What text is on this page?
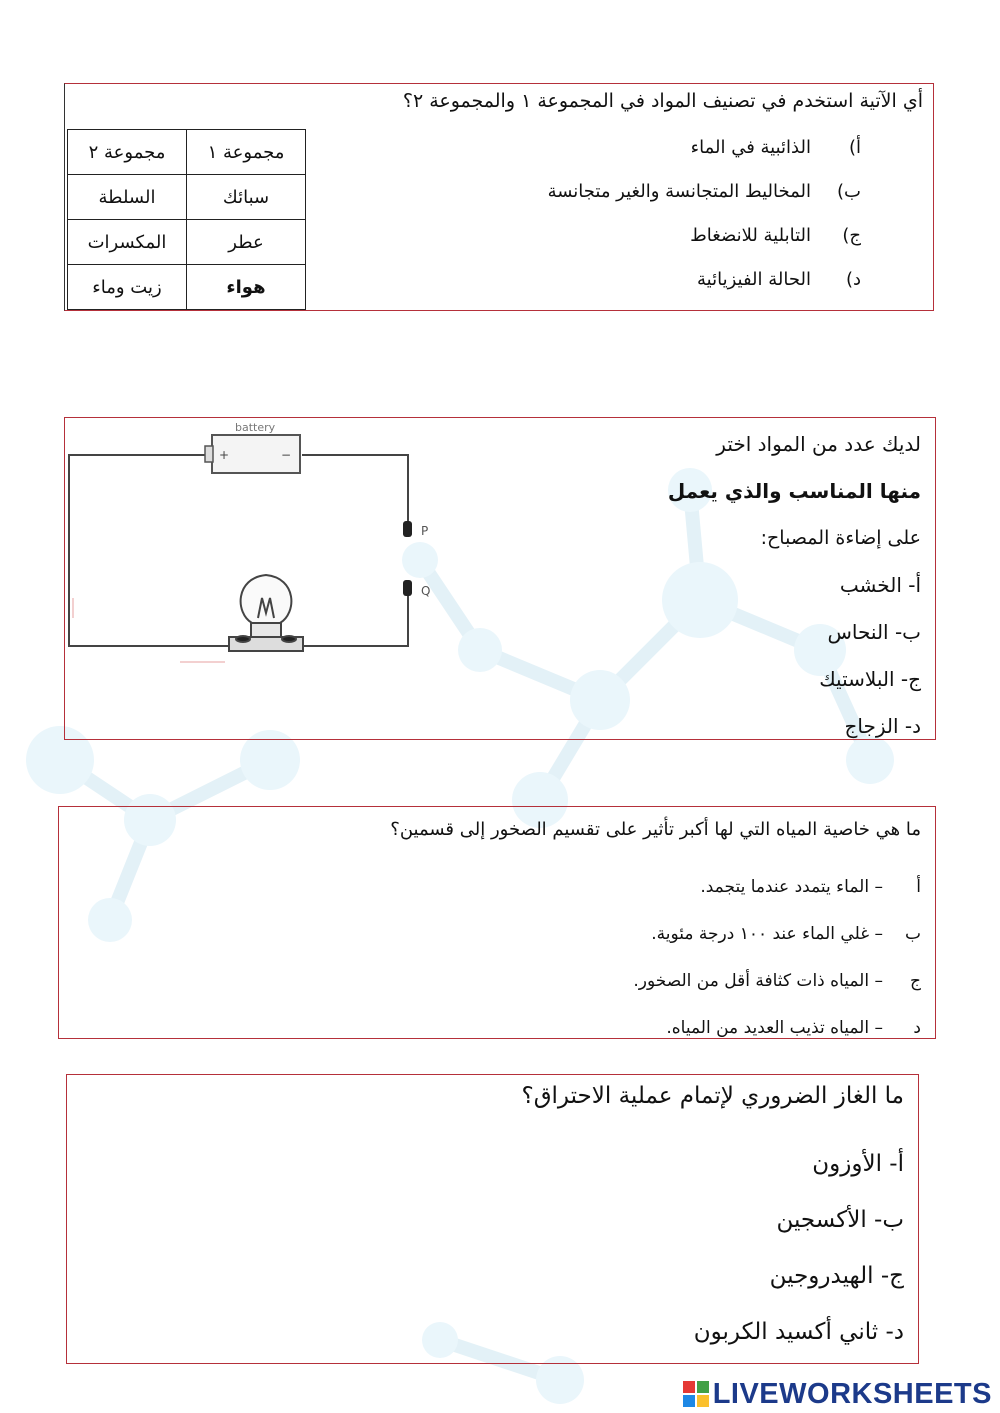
أي الآتية استخدم في تصنيف المواد في المجموعة ١ والمجموعة ٢؟
أ)
الذائبية في الماء
ب)
المخاليط المتجانسة والغير متجانسة
ج)
التابلية للانضغاط
د)
الحالة الفيزيائية
مجموعة ١	مجموعة ٢
سبائك	السلطة
عطر	المكسرات
هواء	زيت وماء
battery
+	−
P
Q
لديك عدد من المواد اختر
منها المناسب والذي يعمل
على إضاءة المصباح:
أ- الخشب
ب- النحاس
ج- البلاستيك
د- الزجاج
ما هي خاصية المياه التي لها أكبر تأثير على تقسيم الصخور إلى قسمين؟
أ
– الماء يتمدد عندما يتجمد.
ب
– غلي الماء عند ١٠٠ درجة مئوية.
ج
– المياه ذات كثافة أقل من الصخور.
د
– المياه تذيب العديد من المياه.
ما الغاز الضروري لإتمام عملية الاحتراق؟
أ- الأوزون
ب- الأكسجين
ج- الهيدروجين
د- ثاني أكسيد الكربون
LIVEWORKSHEETS
